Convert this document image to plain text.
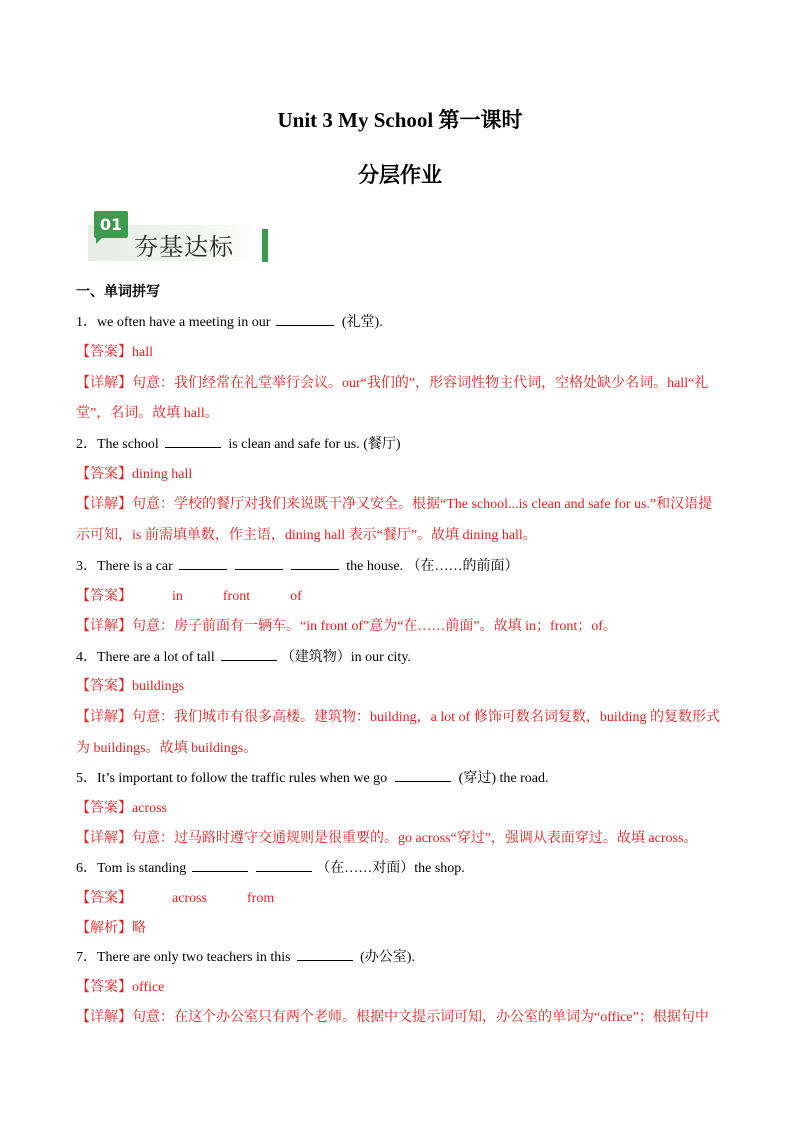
Unit 3 My School 第一课时
分层作业
01
夯基达标
一、单词拼写
1．we often have a meeting in our	(礼堂).
【答案】hall
【详解】句意：我们经常在礼堂举行会议。our“我们的”，形容词性物主代词，空格处缺少名词。hall“礼
堂”，名词。故填 hall。
2．The school	is clean and safe for us. (餐厅)
【答案】dining hall
【详解】句意：学校的餐厅对我们来说既干净又安全。根据“The school...is clean and safe for us.”和汉语提
示可知，is 前需填单数，作主语，dining hall 表示“餐厅”。故填 dining hall。
3．There is a car	the house. （在……的前面）
【答案】	in	front	of
【详解】句意：房子前面有一辆车。“in front of”意为“在……前面”。故填 in；front；of。
4．There are a lot of tall	（建筑物）in our city.
【答案】buildings
【详解】句意：我们城市有很多高楼。建筑物：building，a lot of 修饰可数名词复数，building 的复数形式
为 buildings。故填 buildings。
5．It’s important to follow the traffic rules when we go	(穿过) the road.
【答案】across
【详解】句意：过马路时遵守交通规则是很重要的。go across“穿过”，强调从表面穿过。故填 across。
6．Tom is standing	（在……对面）the shop.
【答案】	across	from
【解析】略
7．There are only two teachers in this	(办公室).
【答案】office
【详解】句意：在这个办公室只有两个老师。根据中文提示词可知，办公室的单词为“office”；根据句中
